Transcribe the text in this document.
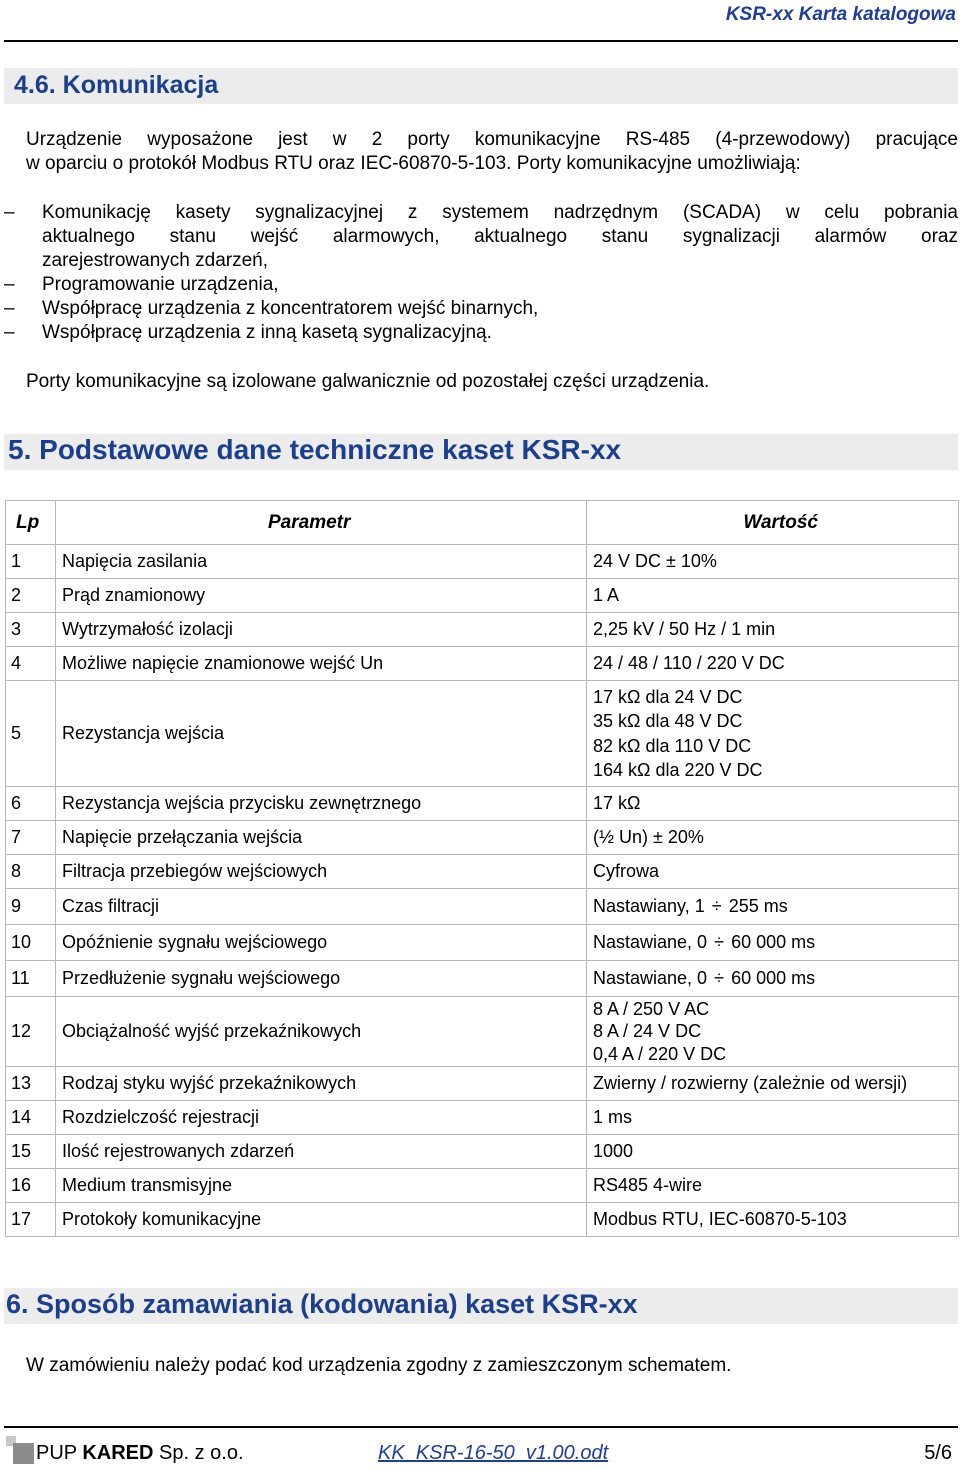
KSR-xx Karta katalogowa
4.6. Komunikacja
Urządzenie wyposażone jest w 2 porty komunikacyjne RS-485 (4-przewodowy) pracujące
w oparciu o protokół Modbus RTU oraz IEC-60870-5-103. Porty komunikacyjne umożliwiają:
– Komunikację kasety sygnalizacyjnej z systemem nadrzędnym (SCADA) w celu pobrania
aktualnego stanu wejść alarmowych, aktualnego stanu sygnalizacji alarmów oraz
zarejestrowanych zdarzeń,
– Programowanie urządzenia,
– Współpracę urządzenia z koncentratorem wejść binarnych,
– Współpracę urządzenia z inną kasetą sygnalizacyjną.
Porty komunikacyjne są izolowane galwanicznie od pozostałej części urządzenia.
5. Podstawowe dane techniczne kaset KSR-xx
Lp	Parametr	Wartość
1	Napięcia zasilania	24 V DC ± 10%

2	Prąd znamionowy	1 A

3	Wytrzymałość izolacji	2,25 kV / 50 Hz / 1 min

4	Możliwe napięcie znamionowe wejść Un	24 / 48 / 110 / 220 V DC

5	Rezystancja wejścia	17 kΩ dla 24 V DC
35 kΩ dla 48 V DC
82 kΩ dla 110 V DC
164 kΩ dla 220 V DC

6	Rezystancja wejścia przycisku zewnętrznego	17 kΩ

7	Napięcie przełączania wejścia	(½ Un) ± 20%

8	Filtracja przebiegów wejściowych	Cyfrowa

9	Czas filtracji	Nastawiany, 1 ÷ 255 ms
10	Opóźnienie sygnału wejściowego	Nastawiane, 0 ÷ 60 000 ms
11	Przedłużenie sygnału wejściowego	Nastawiane, 0 ÷ 60 000 ms
12	Obciążalność wyjść przekaźnikowych	8 A / 250 V AC
8 A / 24 V DC
0,4 A / 220 V DC

13	Rodzaj styku wyjść przekaźnikowych	Zwierny / rozwierny (zależnie od wersji)

14	Rozdzielczość rejestracji	1 ms

15	Ilość rejestrowanych zdarzeń	1000

16	Medium transmisyjne	RS485 4-wire

17	Protokoły komunikacyjne	Modbus RTU, IEC-60870-5-103
6. Sposób zamawiania (kodowania) kaset KSR-xx
W zamówieniu należy podać kod urządzenia zgodny z zamieszczonym schematem.
PUP KARED Sp. z o.o.	KK_KSR-16-50_v1.00.odt	5/6
